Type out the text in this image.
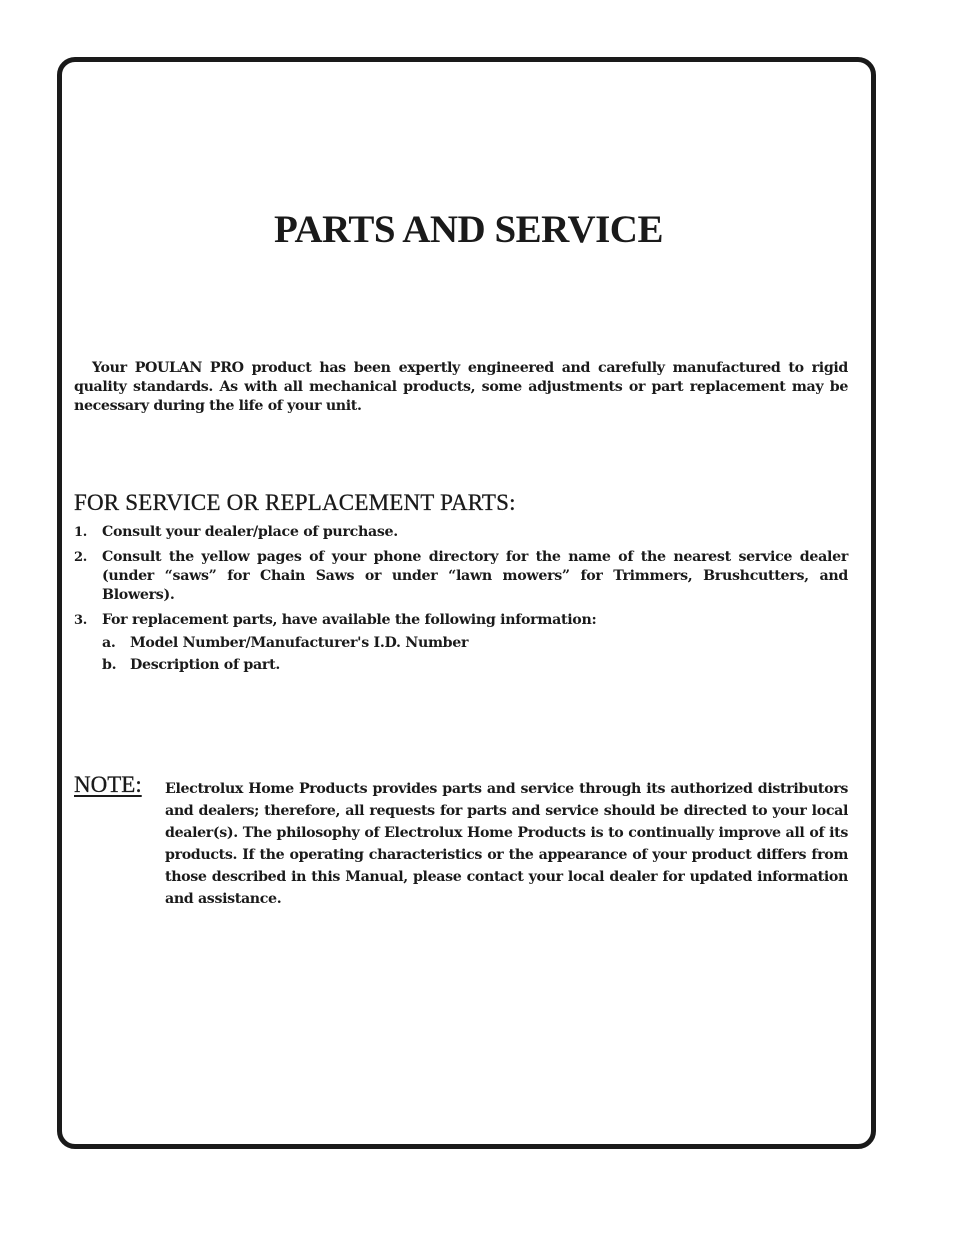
PARTS AND SERVICE

Your POULAN PRO product has been expertly engineered and carefully manufactured to rigid quality standards. As with all mechanical products, some adjustments or part replacement may be necessary during the life of your unit.

FOR SERVICE OR REPLACEMENT PARTS:
1. Consult your dealer/place of purchase.
2. Consult the yellow pages of your phone directory for the name of the nearest service dealer (under “saws” for Chain Saws or under “lawn mowers” for Trimmers, Brushcutters, and Blowers).
3. For replacement parts, have available the following information:
a. Model Number/Manufacturer's I.D. Number
b. Description of part.
NOTE: Electrolux Home Products provides parts and service through its authorized distributors and dealers; therefore, all requests for parts and service should be directed to your local dealer(s). The philosophy of Electrolux Home Products is to continually improve all of its products. If the operating characteristics or the appearance of your product differs from those described in this Manual, please contact your local dealer for updated information and assistance.
